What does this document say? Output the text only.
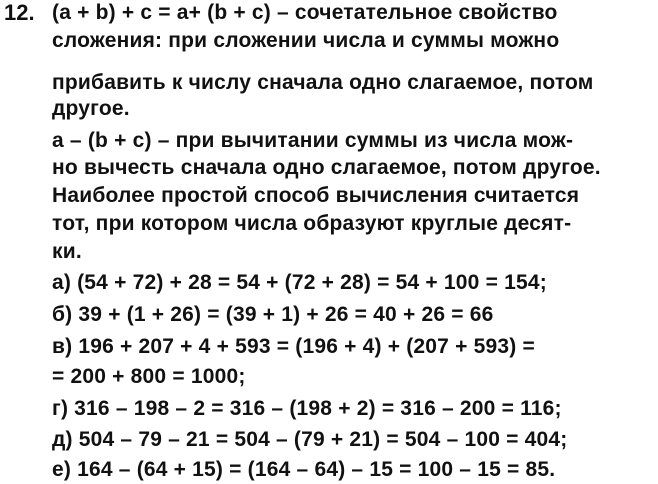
12. (a + b) + c = a+ (b + c) – сочетательное свойство
сложения: при сложении числа и суммы можно
прибавить к числу сначала одно слагаемое, потом
другое.
a – (b + c) – при вычитании суммы из числа мож-
но вычесть сначала одно слагаемое, потом другое.
Наиболее простой способ вычисления считается
тот, при котором числа образуют круглые десят-
ки.
а) (54 + 72) + 28 = 54 + (72 + 28) = 54 + 100 = 154;
б) 39 + (1 + 26) = (39 + 1) + 26 = 40 + 26 = 66
в) 196 + 207 + 4 + 593 = (196 + 4) + (207 + 593) =
= 200 + 800 = 1000;
г) 316 – 198 – 2 = 316 – (198 + 2) = 316 – 200 = 116;
д) 504 – 79 – 21 = 504 – (79 + 21) = 504 – 100 = 404;
е) 164 – (64 + 15) = (164 – 64) – 15 = 100 – 15 = 85.
